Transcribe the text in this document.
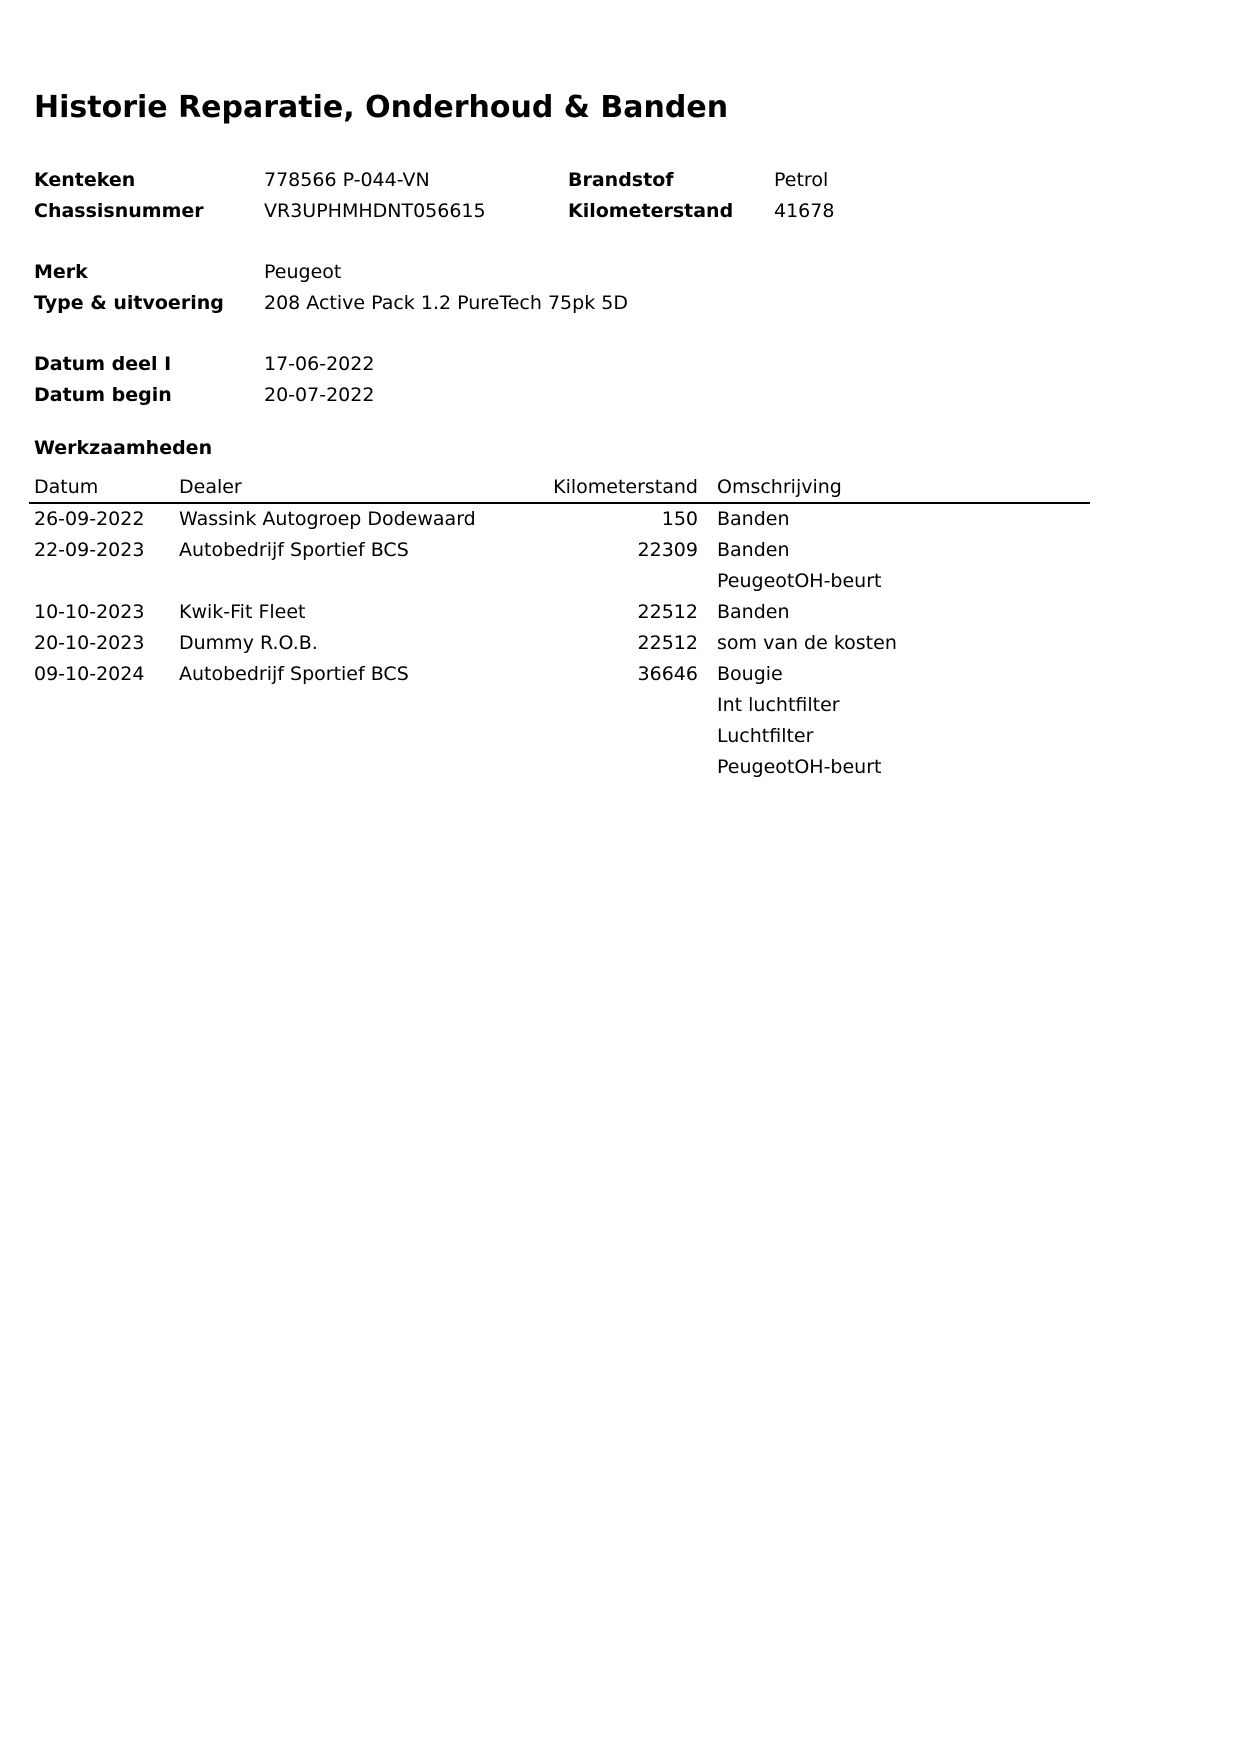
Historie Reparatie, Onderhoud & Banden
Kenteken	778566 P-044-VN	Brandstof	Petrol
Chassisnummer	VR3UPHMHDNT056615	Kilometerstand 41678
Merk	Peugeot
Type & uitvoering 208 Active Pack 1.2 PureTech 75pk 5D
Datum deel I	17-06-2022
Datum begin	20-07-2022
Werkzaamheden
Datum	Dealer	Kilometerstand Omschrijving
26-09-2022 Wassink Autogroep Dodewaard	150 Banden
22-09-2023 Autobedrijf Sportief BCS	22309 Banden
PeugeotOH-beurt
10-10-2023 Kwik-Fit Fleet	22512 Banden
20-10-2023 Dummy R.O.B.	22512 som van de kosten
09-10-2024 Autobedrijf Sportief BCS	36646 Bougie
Int luchtfilter
Luchtfilter
PeugeotOH-beurt
